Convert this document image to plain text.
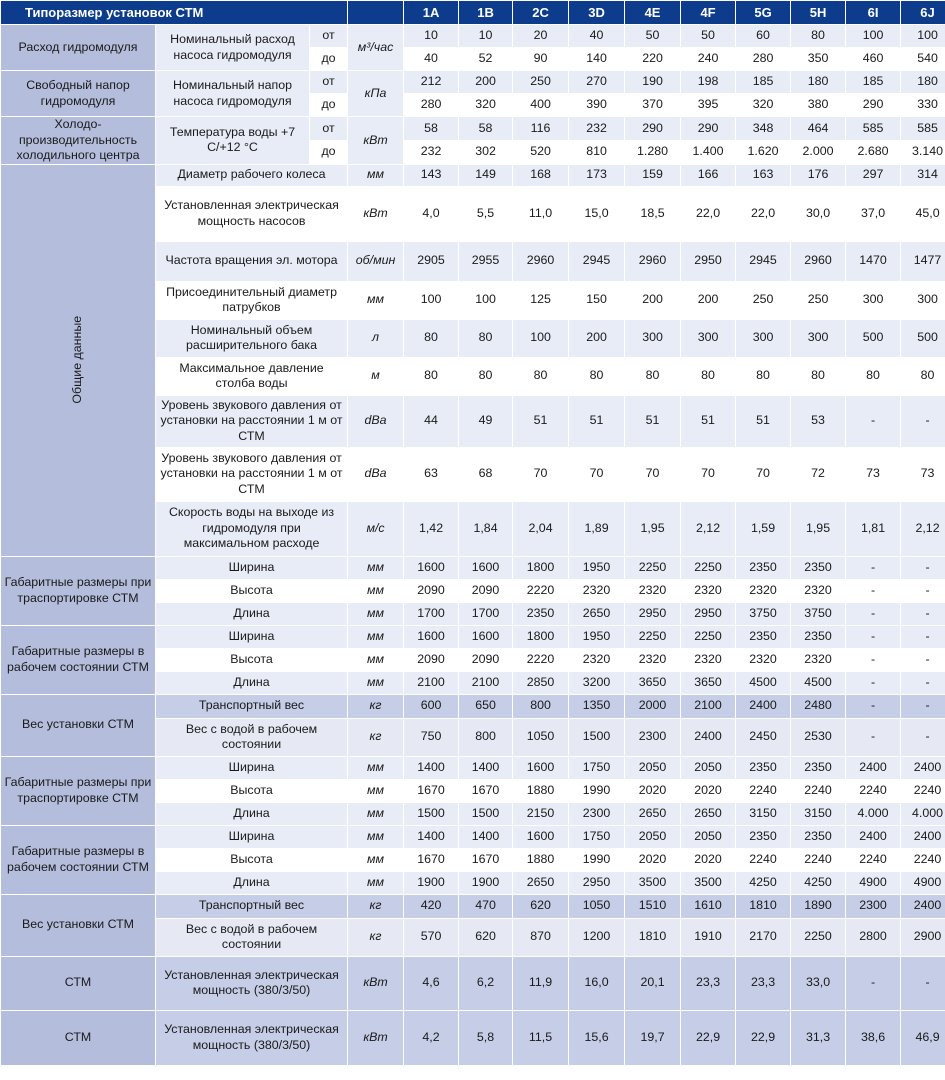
Типоразмер установок СТМ				1A	1B	2C	3D	4E	4F	5G	5H	6I	6J
Расход гидромодуля	Номинальный расход насоса гидромодуля	от	м³/час	10	10	20	40	50	50	60	80	100	100
		до		40	52	90	140	220	240	280	350	460	540
Свободный напор гидромодуля	Номинальный напор насоса гидромодуля	от	кПа	212	200	250	270	190	198	185	180	185	180
		до		280	320	400	390	370	395	320	380	290	330
Холодо-производительность холодильного центра	Температура воды +7 С/+12 °С	от	кВт	58	58	116	232	290	290	348	464	585	585
		до		232	302	520	810	1.280	1.400	1.620	2.000	2.680	3.140
Общие данные	Диаметр рабочего колеса		мм	143	149	168	173	159	166	163	176	297	314
	Установленная электрическая мощность насосов		кВт	4,0	5,5	11,0	15,0	18,5	22,0	22,0	30,0	37,0	45,0
	Частота вращения эл. мотора		об/мин	2905	2955	2960	2945	2960	2950	2945	2960	1470	1477
	Присоединительный диаметр патрубков		мм	100	100	125	150	200	200	250	250	300	300
	Номинальный объем расширительного бака		л	80	80	100	200	300	300	300	300	500	500
	Максимальное давление столба воды		м	80	80	80	80	80	80	80	80	80	80
	Уровень звукового давления от установки на расстоянии 1 м от СТМ		dBa	44	49	51	51	51	51	51	53	-	-
	Уровень звукового давления от установки на расстоянии 1 м от СТМ		dBa	63	68	70	70	70	70	70	72	73	73
	Скорость воды на выходе из гидромодуля при максимальном расходе		м/с	1,42	1,84	2,04	1,89	1,95	2,12	1,59	1,95	1,81	2,12
Габаритные размеры при траспортировке СТМ	Ширина		мм	1600	1600	1800	1950	2250	2250	2350	2350	-	-
	Высота		мм	2090	2090	2220	2320	2320	2320	2320	2320	-	-
	Длина		мм	1700	1700	2350	2650	2950	2950	3750	3750	-	-
Габаритные размеры в рабочем состоянии СТМ	Ширина		мм	1600	1600	1800	1950	2250	2250	2350	2350	-	-
	Высота		мм	2090	2090	2220	2320	2320	2320	2320	2320	-	-
	Длина		мм	2100	2100	2850	3200	3650	3650	4500	4500	-	-
Вес установки СТМ	Транспортный вес		кг	600	650	800	1350	2000	2100	2400	2480	-	-
	Вес с водой в рабочем состоянии		кг	750	800	1050	1500	2300	2400	2450	2530	-	-
Габаритные размеры при траспортировке СТМ	Ширина		мм	1400	1400	1600	1750	2050	2050	2350	2350	2400	2400
	Высота		мм	1670	1670	1880	1990	2020	2020	2240	2240	2240	2240
	Длина		мм	1500	1500	2150	2300	2650	2650	3150	3150	4.000	4.000
Габаритные размеры в рабочем состоянии СТМ	Ширина		мм	1400	1400	1600	1750	2050	2050	2350	2350	2400	2400
	Высота		мм	1670	1670	1880	1990	2020	2020	2240	2240	2240	2240
	Длина		мм	1900	1900	2650	2950	3500	3500	4250	4250	4900	4900
Вес установки СТМ	Транспортный вес		кг	420	470	620	1050	1510	1610	1810	1890	2300	2400
	Вес с водой в рабочем состоянии		кг	570	620	870	1200	1810	1910	2170	2250	2800	2900
СТМ	Установленная электрическая мощность (380/3/50)		кВт	4,6	6,2	11,9	16,0	20,1	23,3	23,3	33,0	-	-
СТМ	Установленная электрическая мощность (380/3/50)		кВт	4,2	5,8	11,5	15,6	19,7	22,9	22,9	31,3	38,6	46,9
